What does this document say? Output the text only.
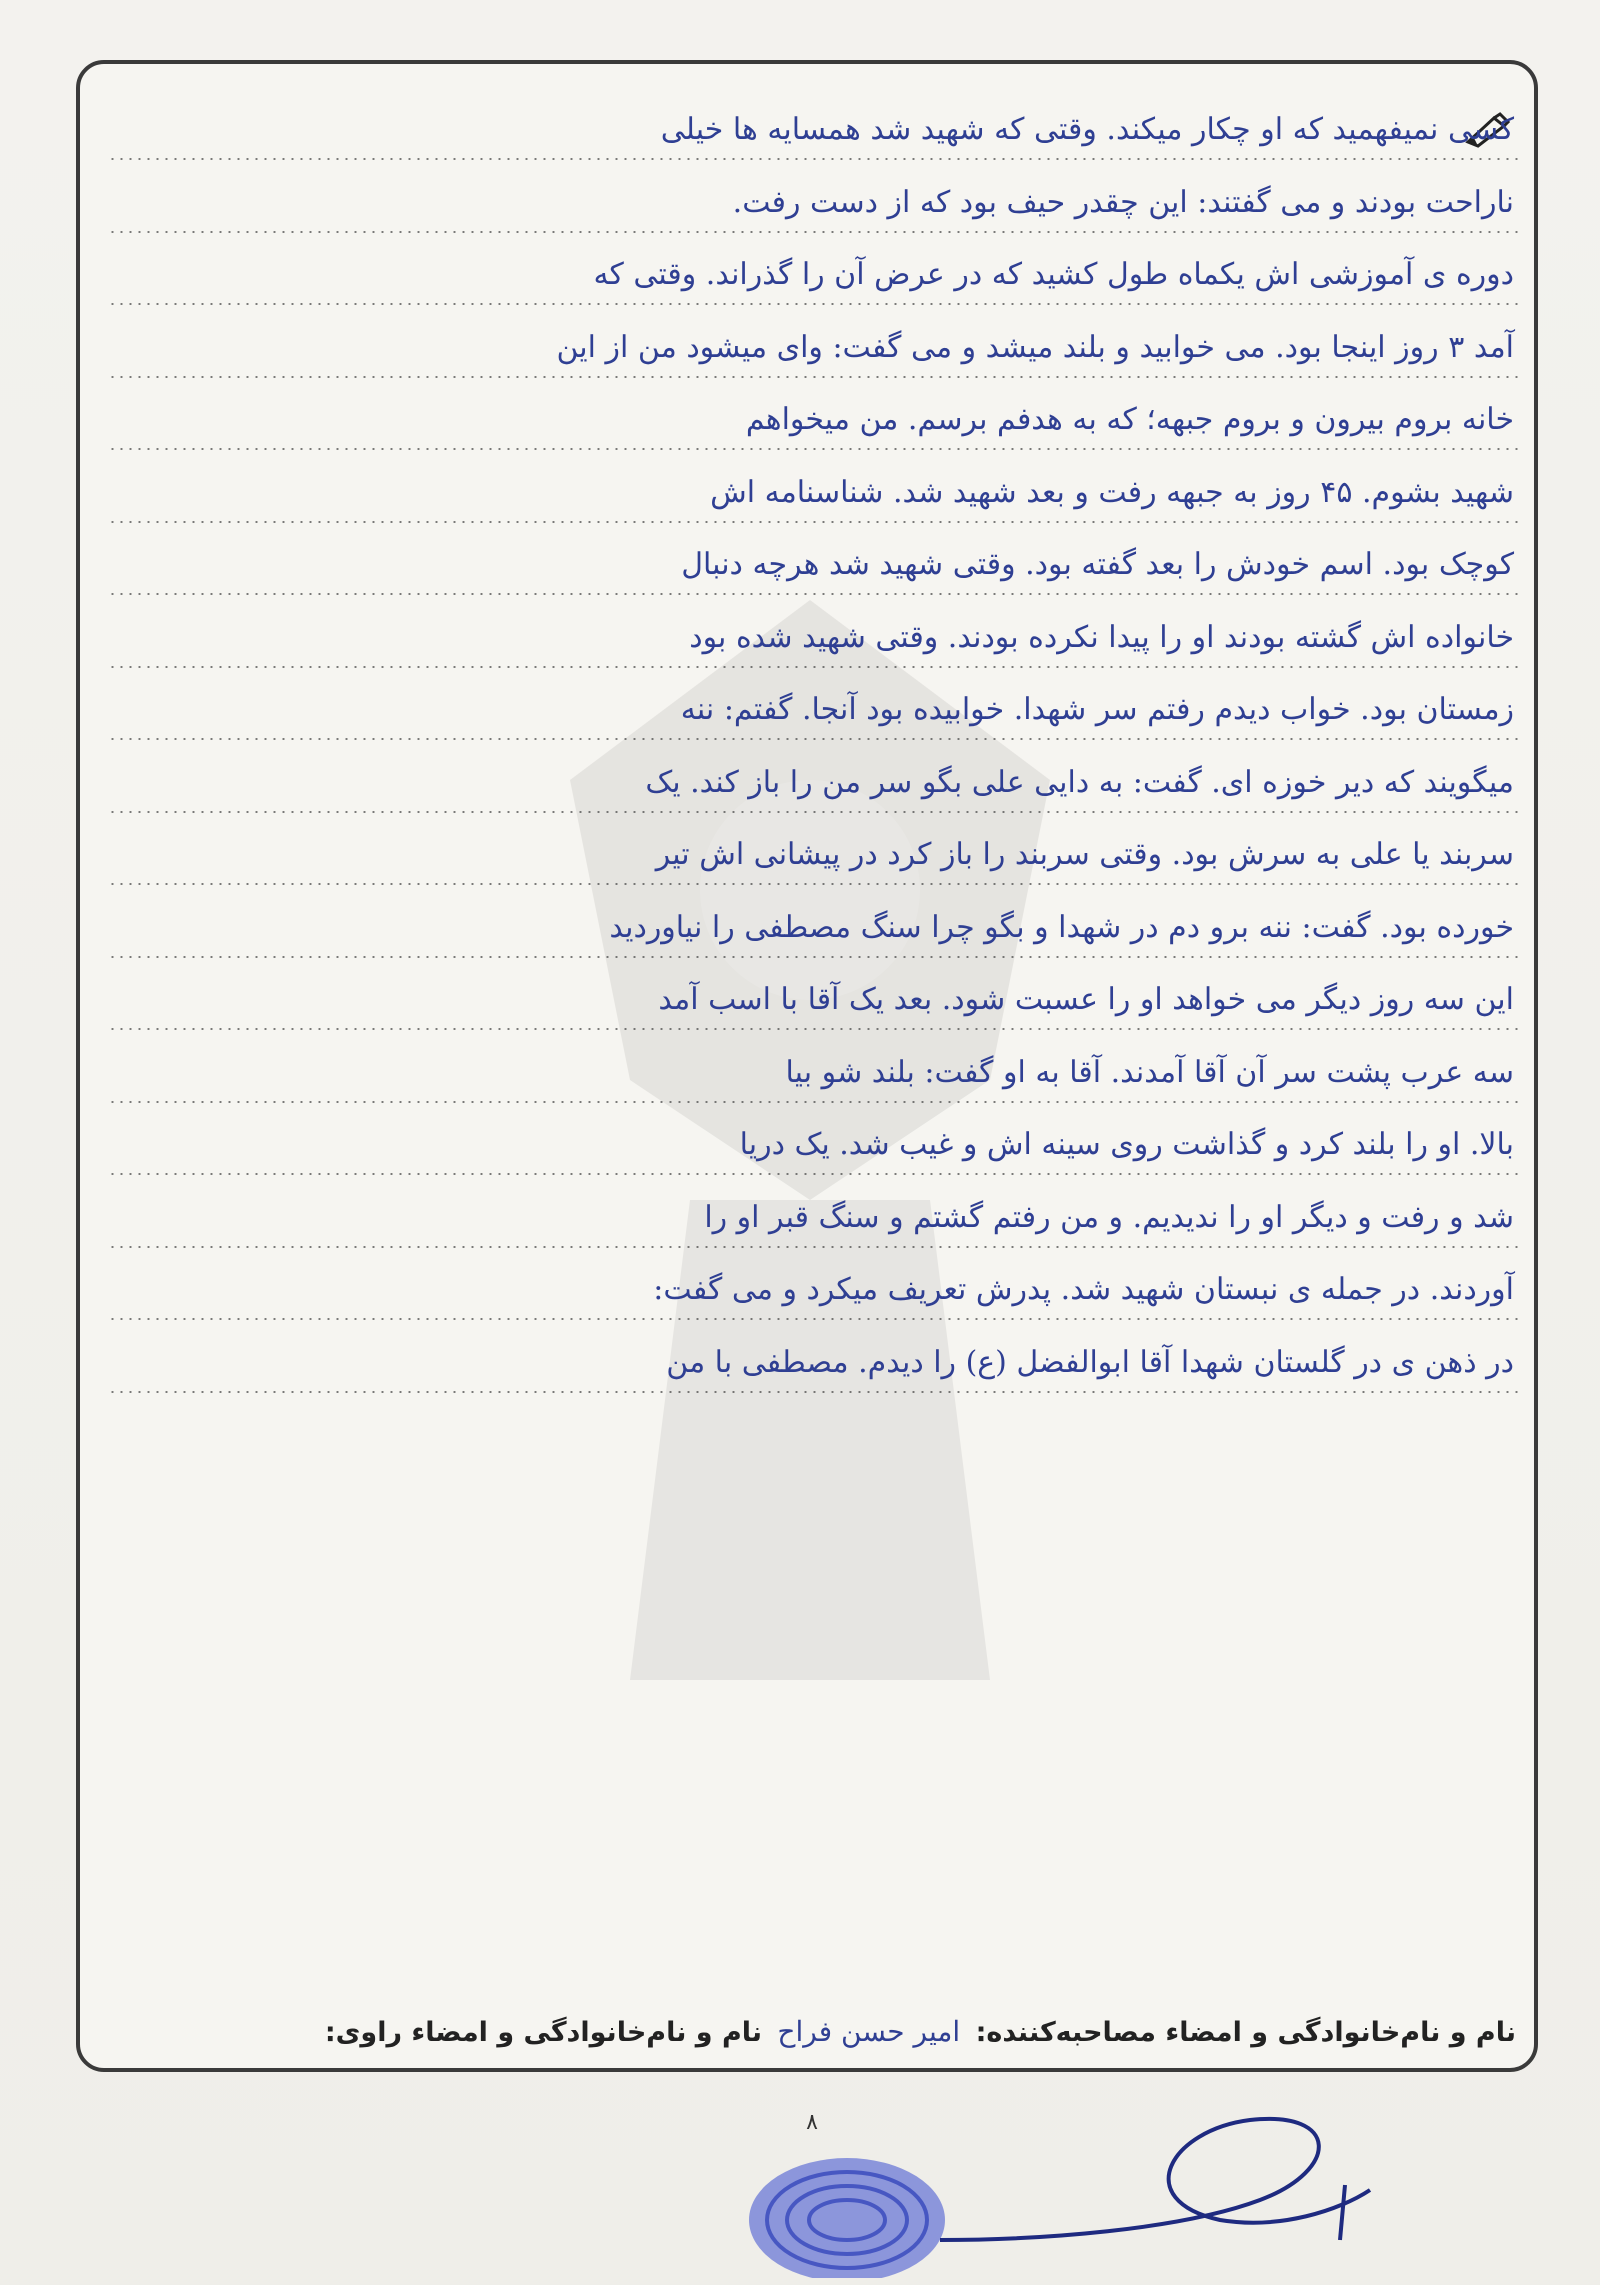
کسی نمیفهمید که او چکار میکند. وقتی که شهید شد همسایه ها خیلی
ناراحت بودند و می گفتند: این چقدر حیف بود که از دست رفت.
دوره ی آموزشی اش یکماه طول کشید که در عرض آن را گذراند. وقتی که
آمد ۳ روز اینجا بود. می خوابید و بلند میشد و می گفت: وای میشود من از این
خانه بروم بیرون و بروم جبهه؛ که به هدفم برسم. من میخواهم
شهید بشوم. ۴۵ روز به جبهه رفت و بعد شهید شد. شناسنامه اش
کوچک بود. اسم خودش را بعد گفته بود. وقتی شهید شد هرچه دنبال
خانواده اش گشته بودند او را پیدا نکرده بودند. وقتی شهید شده بود
زمستان بود. خواب دیدم رفتم سر شهدا. خوابیده بود آنجا. گفتم: ننه
میگویند که دیر خوزه ای. گفت: به دایی علی بگو سر من را باز کند. یک
سربند یا علی به سرش بود. وقتی سربند را باز کرد در پیشانی اش تیر
خورده بود. گفت: ننه برو دم در شهدا و بگو چرا سنگ مصطفی را نیاوردید
این سه روز دیگر می خواهد او را عسبت شود. بعد یک آقا با اسب آمد
سه عرب پشت سر آن آقا آمدند. آقا به او گفت: بلند شو بیا
بالا. او را بلند کرد و گذاشت روی سینه اش و غیب شد. یک دریا
شد و رفت و دیگر او را ندیدیم. و من رفتم گشتم و سنگ قبر او را
آوردند. در جمله ی نبستان شهید شد. پدرش تعریف میکرد و می گفت:
در ذهن ی در گلستان شهدا آقا ابوالفضل (ع) را دیدم. مصطفی با من
نام و نام‌خانوادگی و امضاء مصاحبه‌کننده: امیر حسن فراح نام و نام‌خانوادگی و امضاء راوی:
۸
